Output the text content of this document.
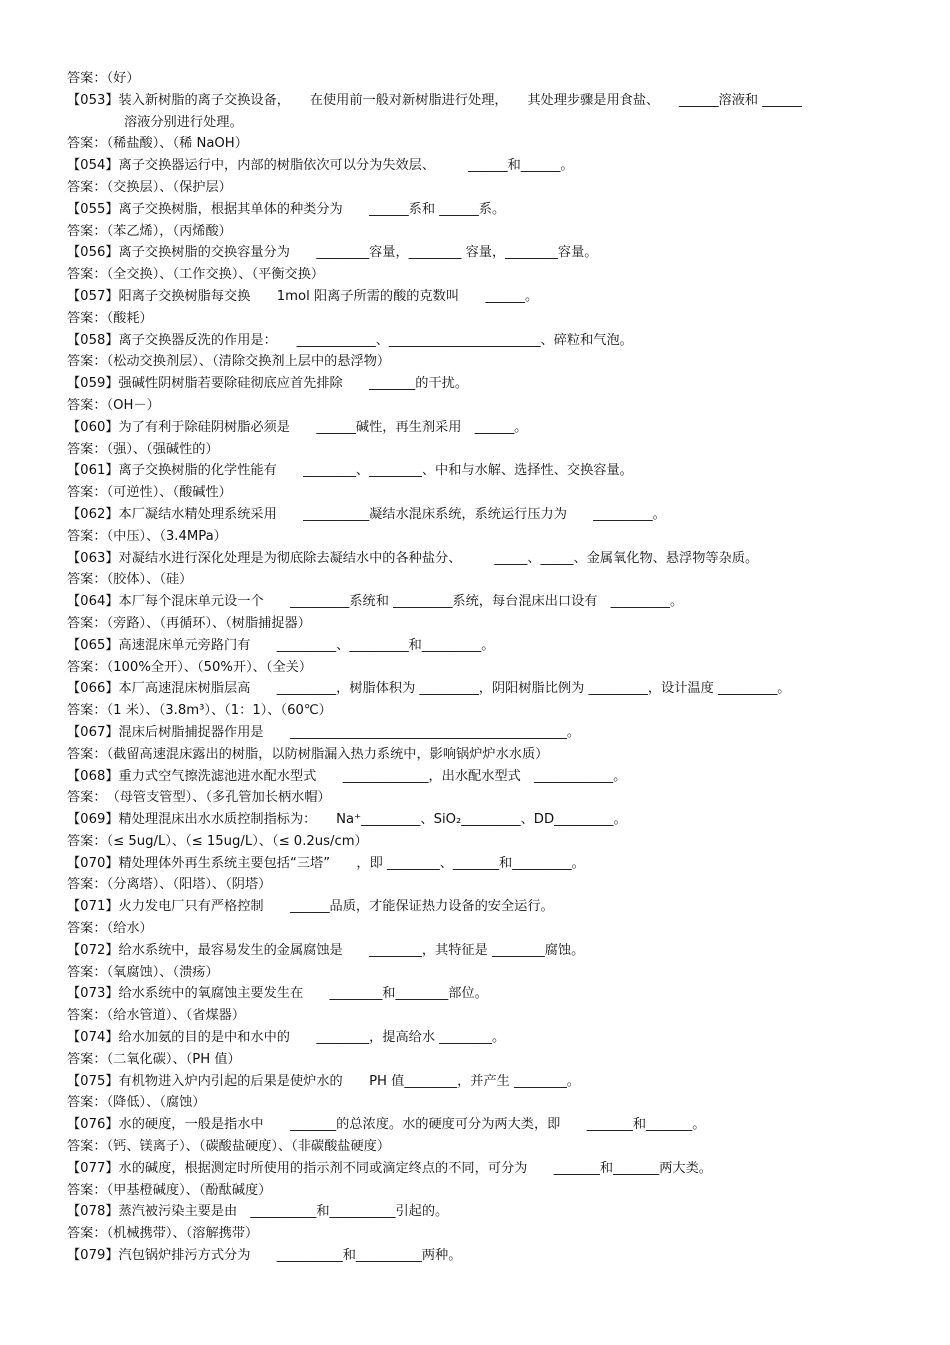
答案：（好）
【053】装入新树脂的离子交换设备，　　在使用前一般对新树脂进行处理，　　其处理步骤是用食盐、　　______溶液和 ______
溶液分别进行处理。
答案：（稀盐酸）、（稀 NaOH）
【054】离子交换器运行中，内部的树脂依次可以分为失效层、　　　______和______。
答案：（交换层）、（保护层）
【055】离子交换树脂，根据其单体的种类分为　　______系和 ______系。
答案：（苯乙烯），（丙烯酸）
【056】离子交换树脂的交换容量分为　　________容量，________ 容量，________容量。
答案：（全交换）、（工作交换）、（平衡交换）
【057】阳离子交换树脂每交换　　1mol 阳离子所需的酸的克数叫　　______。
答案：（酸耗）
【058】离子交换器反洗的作用是：　　____________、_______________________、碎粒和气泡。
答案：（松动交换剂层）、（清除交换剂上层中的悬浮物）
【059】强碱性阴树脂若要除硅彻底应首先排除　　_______的干扰。
答案：（OH－）
【060】为了有利于除硅阴树脂必须是　　______碱性，再生剂采用　______。
答案：（强）、（强碱性的）
【061】离子交换树脂的化学性能有　　________、________、中和与水解、选择性、交换容量。
答案：（可逆性）、（酸碱性）
【062】本厂凝结水精处理系统采用　　__________凝结水混床系统，系统运行压力为　　_________。
答案：（中压）、（3.4MPa）
【063】对凝结水进行深化处理是为彻底除去凝结水中的各种盐分、　　　_____、_____、金属氧化物、悬浮物等杂质。
答案：（胶体）、（硅）
【064】本厂每个混床单元设一个　　_________系统和 _________系统，每台混床出口设有　_________。
答案：（旁路）、（再循环）、（树脂捕捉器）
【065】高速混床单元旁路门有　　_________、_________和_________。
答案：（100%全开）、（50%开）、（全关）
【066】本厂高速混床树脂层高　　_________，树脂体积为 _________，阴阳树脂比例为 _________，设计温度 _________。
答案：（1 米）、（3.8m³）、（1：1）、（60℃）
【067】混床后树脂捕捉器作用是　　__________________________________________。
答案：（截留高速混床露出的树脂，以防树脂漏入热力系统中，影响锅炉炉水水质）
【068】重力式空气擦洗滤池进水配水型式　　_____________，出水配水型式　____________。
答案：　（母管支管型）、（多孔管加长柄水帽）
【069】精处理混床出水水质控制指标为：　　Na⁺_________、SiO₂_________、DD_________。
答案：（≤ 5ug/L）、（≤ 15ug/L）、（≤ 0.2us/cm）
【070】精处理体外再生系统主要包括“三塔”　　，即 ________、_______和_________。
答案：（分离塔）、（阳塔）、（阴塔）
【071】火力发电厂只有严格控制　　______品质，才能保证热力设备的安全运行。
答案：（给水）
【072】给水系统中，最容易发生的金属腐蚀是　　________，其特征是 ________腐蚀。
答案：（氧腐蚀）、（溃疡）
【073】给水系统中的氧腐蚀主要发生在　　________和________部位。
答案：（给水管道）、（省煤器）
【074】给水加氨的目的是中和水中的　　________，提高给水 ________。
答案：（二氧化碳）、（PH 值）
【075】有机物进入炉内引起的后果是使炉水的　　PH 值________，并产生 ________。
答案：（降低）、（腐蚀）
【076】水的硬度，一般是指水中　　_______的总浓度。水的硬度可分为两大类，即　　_______和_______。
答案：（钙、镁离子）、（碳酸盐硬度）、（非碳酸盐硬度）
【077】水的碱度，根据测定时所使用的指示剂不同或滴定终点的不同，可分为　　_______和_______两大类。
答案：（甲基橙碱度）、（酚酞碱度）
【078】蒸汽被污染主要是由　__________和__________引起的。
答案：（机械携带）、（溶解携带）
【079】汽包锅炉排污方式分为　　__________和__________两种。
